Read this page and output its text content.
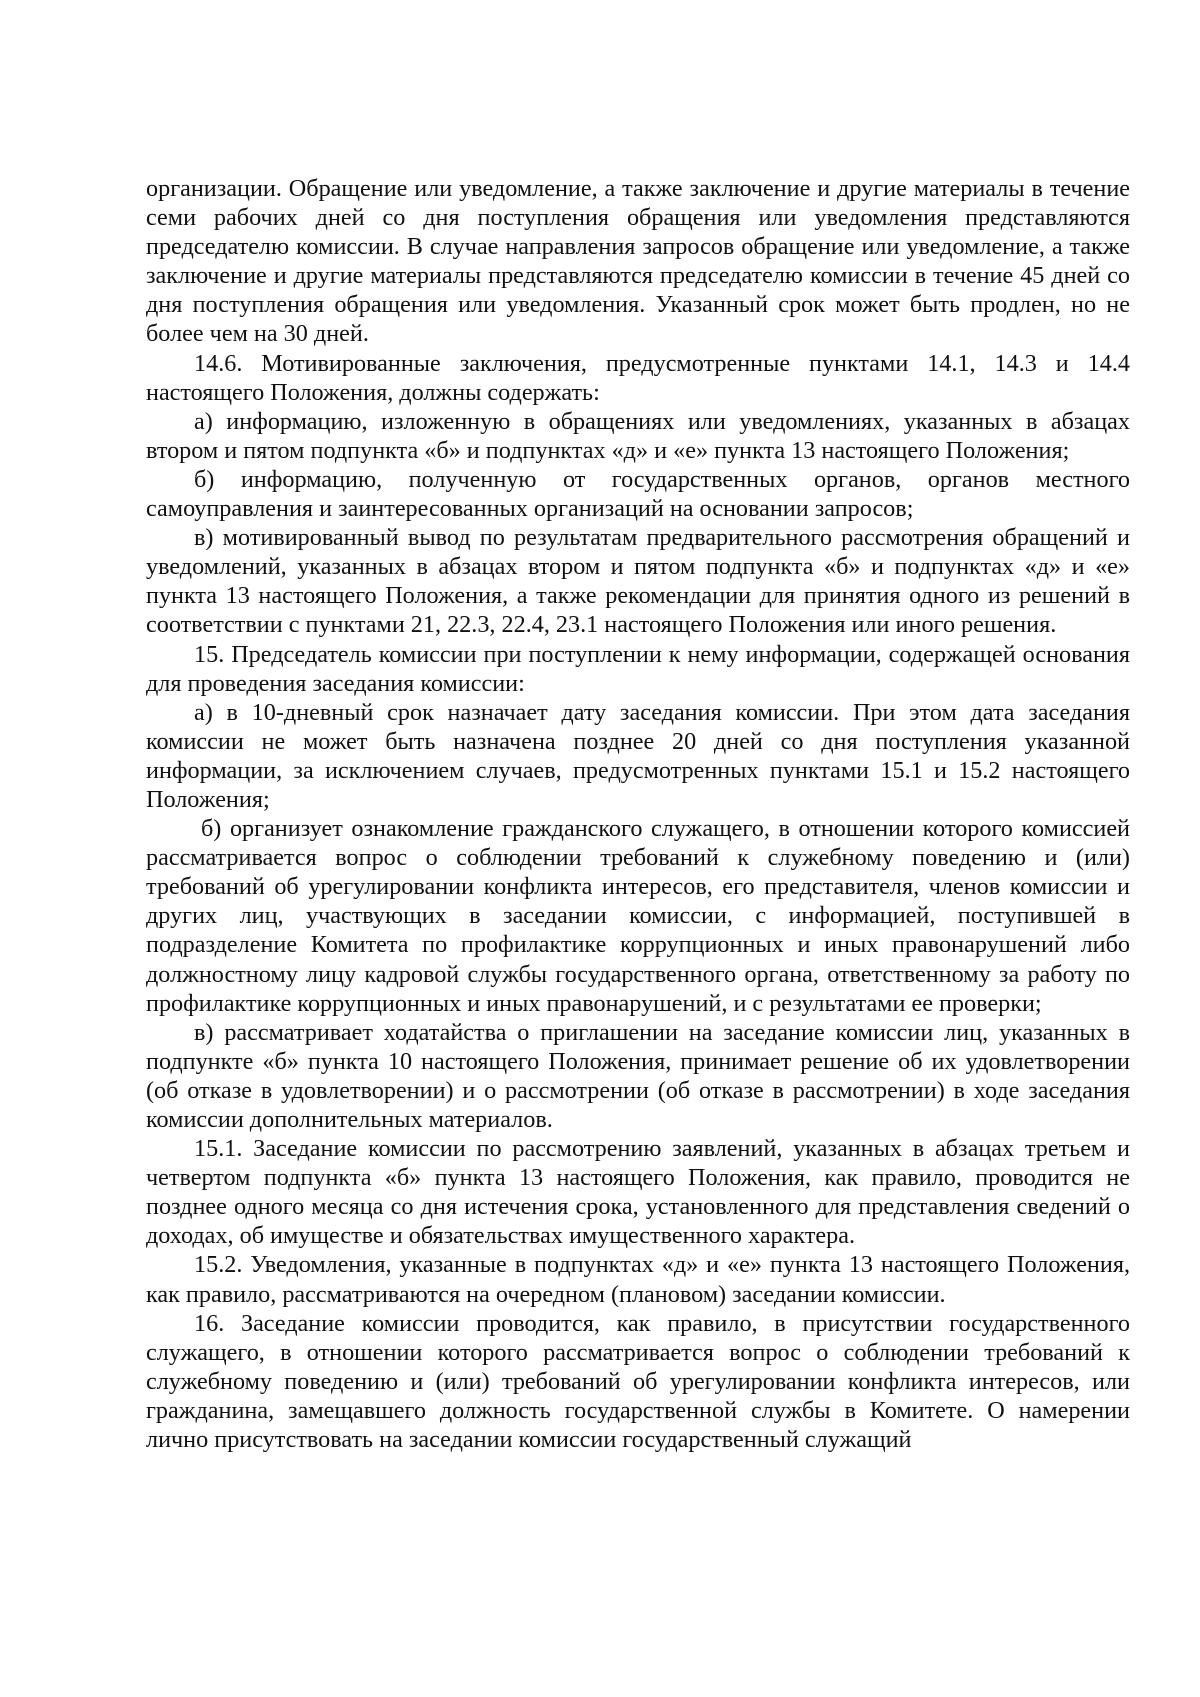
организации. Обращение или уведомление, а также заключение и другие материалы в течение семи рабочих дней со дня поступления обращения или уведомления представляются председателю комиссии. В случае направления запросов обращение или уведомление, а также заключение и другие материалы представляются председателю комиссии в течение 45 дней со дня поступления обращения или уведомления. Указанный срок может быть продлен, но не более чем на 30 дней.

14.6. Мотивированные заключения, предусмотренные пунктами 14.1, 14.3 и 14.4 настоящего Положения, должны содержать:

а) информацию, изложенную в обращениях или уведомлениях, указанных в абзацах втором и пятом подпункта «б» и подпунктах «д» и «е» пункта 13 настоящего Положения;

б) информацию, полученную от государственных органов, органов местного самоуправления и заинтересованных организаций на основании запросов;

в) мотивированный вывод по результатам предварительного рассмотрения обращений и уведомлений, указанных в абзацах втором и пятом подпункта «б» и подпунктах «д» и «е» пункта 13 настоящего Положения, а также рекомендации для принятия одного из решений в соответствии с пунктами 21, 22.3, 22.4, 23.1 настоящего Положения или иного решения.

15. Председатель комиссии при поступлении к нему информации, содержащей основания для проведения заседания комиссии:

а) в 10-дневный срок назначает дату заседания комиссии. При этом дата заседания комиссии не может быть назначена позднее 20 дней со дня поступления указанной информации, за исключением случаев, предусмотренных пунктами 15.1 и 15.2 настоящего Положения;

б) организует ознакомление гражданского служащего, в отношении которого комиссией рассматривается вопрос о соблюдении требований к служебному поведению и (или) требований об урегулировании конфликта интересов, его представителя, членов комиссии и других лиц, участвующих в заседании комиссии, с информацией, поступившей в подразделение Комитета по профилактике коррупционных и иных правонарушений либо должностному лицу кадровой службы государственного органа, ответственному за работу по профилактике коррупционных и иных правонарушений, и с результатами ее проверки;

в) рассматривает ходатайства о приглашении на заседание комиссии лиц, указанных в подпункте «б» пункта 10 настоящего Положения, принимает решение об их удовлетворении (об отказе в удовлетворении) и о рассмотрении (об отказе в рассмотрении) в ходе заседания комиссии дополнительных материалов.

15.1. Заседание комиссии по рассмотрению заявлений, указанных в абзацах третьем и четвертом подпункта «б» пункта 13 настоящего Положения, как правило, проводится не позднее одного месяца со дня истечения срока, установленного для представления сведений о доходах, об имуществе и обязательствах имущественного характера.

15.2. Уведомления, указанные в подпунктах «д» и «е» пункта 13 настоящего Положения, как правило, рассматриваются на очередном (плановом) заседании комиссии.

16. Заседание комиссии проводится, как правило, в присутствии государственного служащего, в отношении которого рассматривается вопрос о соблюдении требований к служебному поведению и (или) требований об урегулировании конфликта интересов, или гражданина, замещавшего должность государственной службы в Комитете. О намерении лично присутствовать на заседании комиссии государственный служащий
